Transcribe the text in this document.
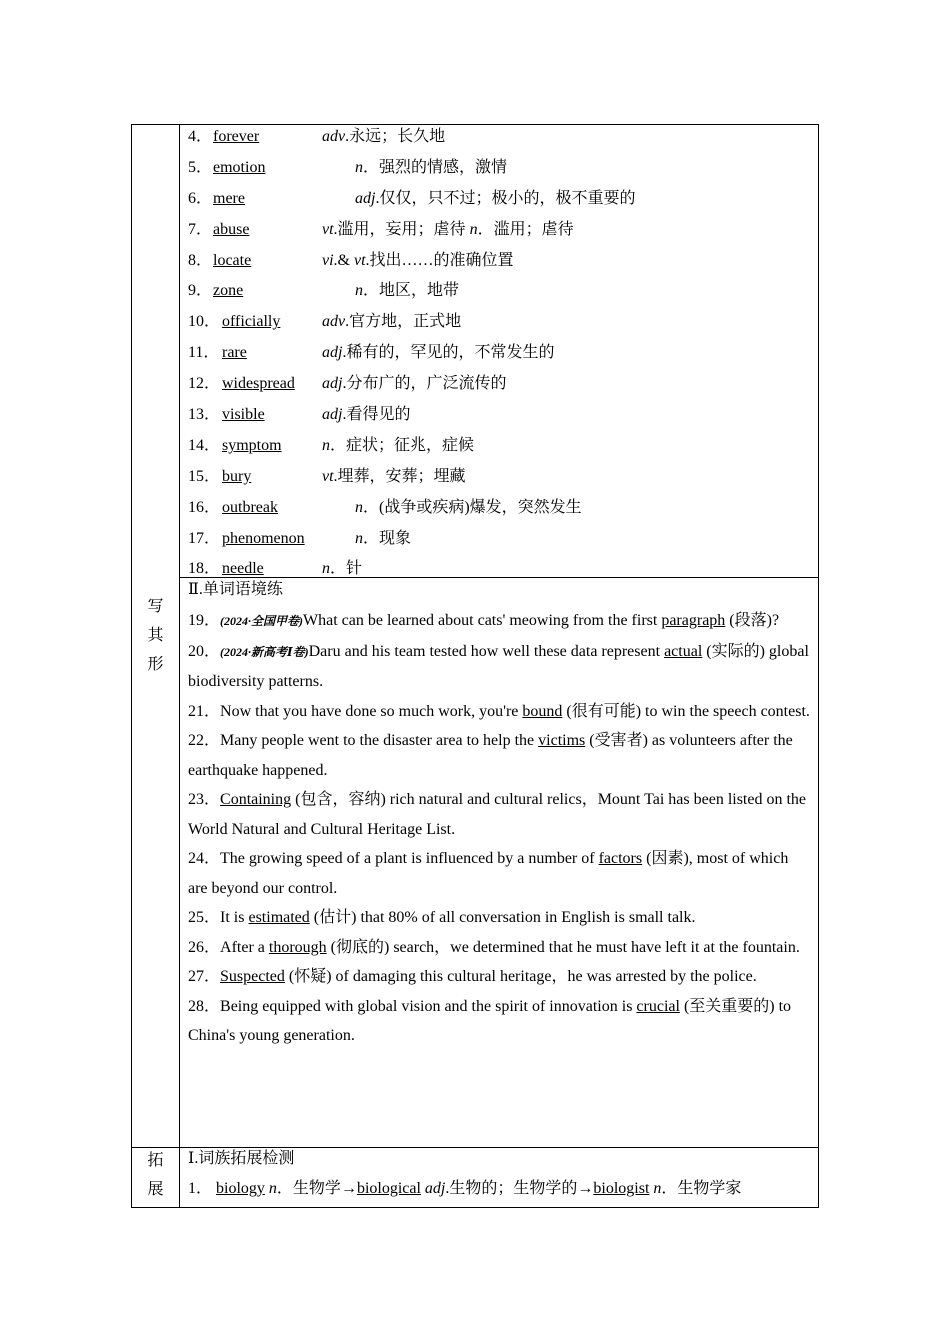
写
其
形
拓
展
4． forever	adv.永远；长久地
5． emotion	n．强烈的情感，激情
6． mere	adj.仅仅，只不过；极小的，极不重要的
7． abuse	vt.滥用，妄用；虐待 n．滥用；虐待
8． locate	vi.& vt.找出……的准确位置
9． zone	n．地区，地带
10． officially	adv.官方地，正式地
11． rare	adj.稀有的，罕见的，不常发生的
12． widespread adj.分布广的，广泛流传的
13． visible	adj.看得见的
14． symptom	n．症状；征兆，症候
15． bury	vt.埋葬，安葬；埋藏
16． outbreak	n．(战争或疾病)爆发，突然发生
17． phenomenon	n．现象
18． needle	n．针
Ⅱ.单词语境练

19．(2024·全国甲卷)What can be learned about cats' meowing from the first paragraph (段落)?

20．(2024·新高考Ⅰ卷)Daru and his team tested how well these data represent actual (实际的) global biodiversity patterns.

21．Now that you have done so much work, you're bound (很有可能) to win the speech contest.

22．Many people went to the disaster area to help the victims (受害者) as volunteers after the earthquake happened.

23．Containing (包含，容纳) rich natural and cultural relics，Mount Tai has been listed on the World Natural and Cultural Heritage List.

24．The growing speed of a plant is influenced by a number of factors (因素), most of which are beyond our control.

25．It is estimated (估计) that 80% of all conversation in English is small talk.

26．After a thorough (彻底的) search，we determined that he must have left it at the fountain.

27．Suspected (怀疑) of damaging this cultural heritage，he was arrested by the police.

28．Being equipped with global vision and the spirit of innovation is crucial (至关重要的) to China's young generation.

Ⅰ.词族拓展检测
1． biology n．生物学→biological adj.生物的；生物学的→biologist n．生物学家
